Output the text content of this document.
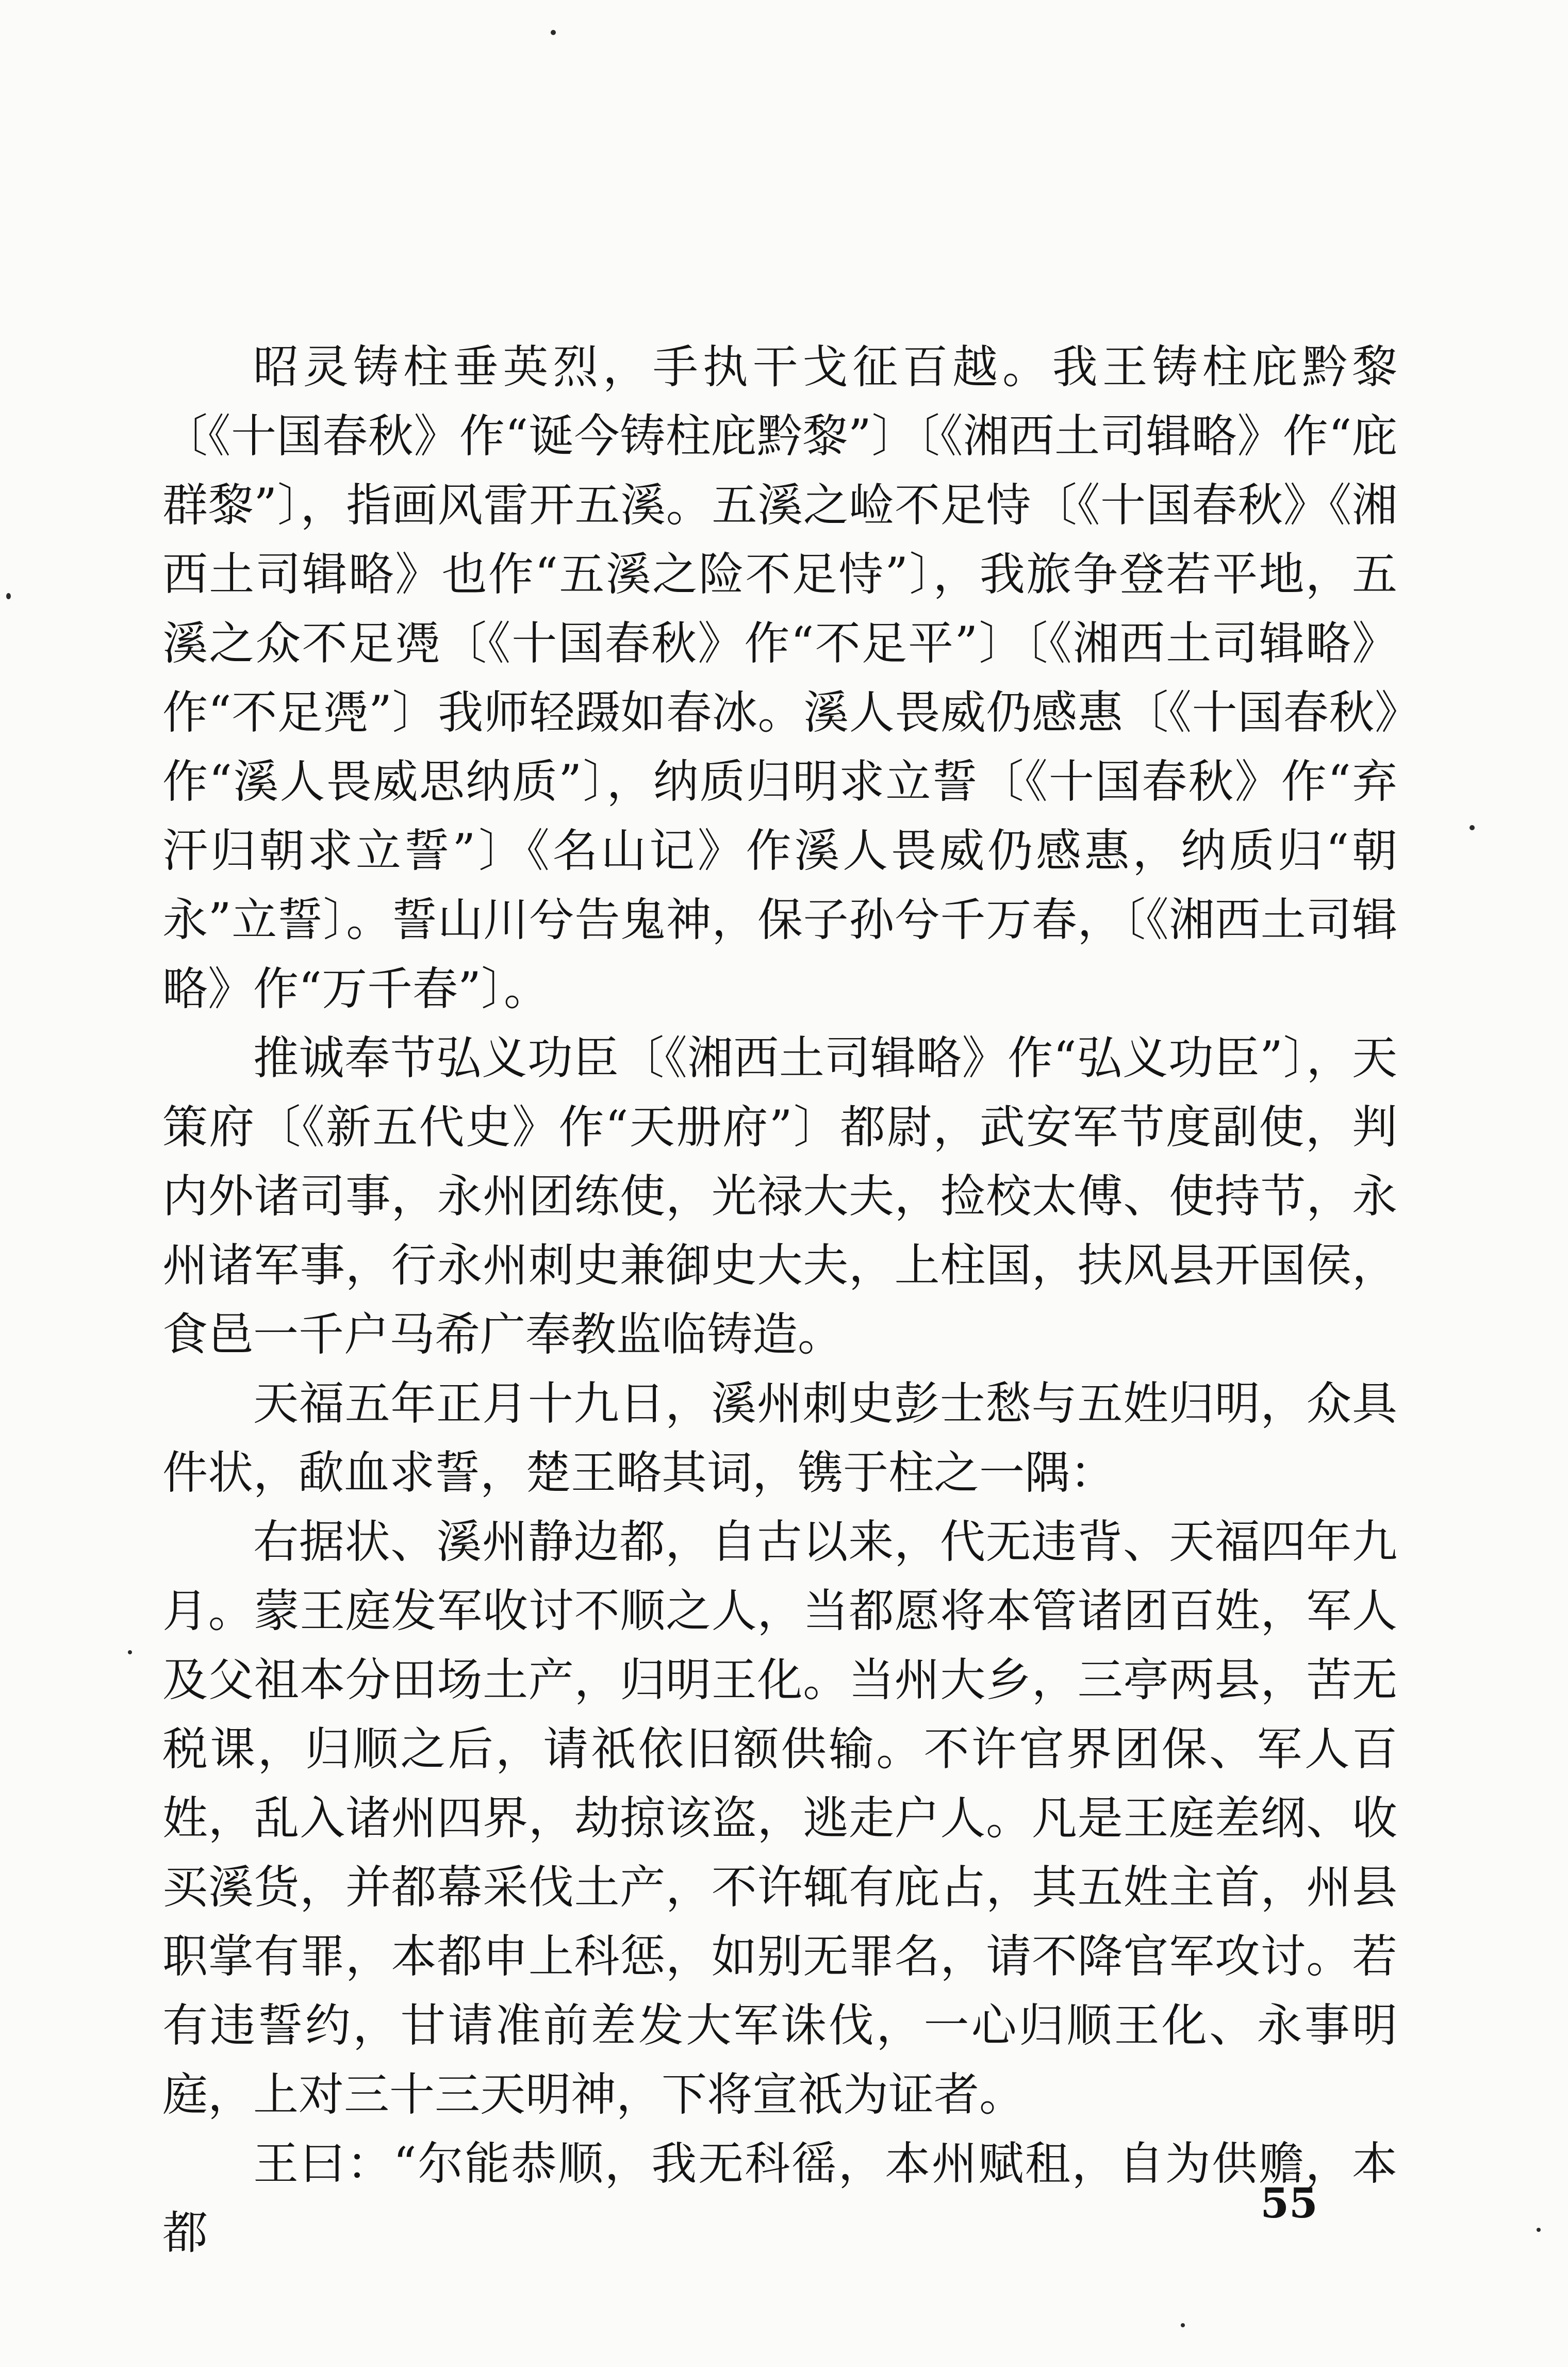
昭灵铸柱垂英烈，手执干戈征百越。我王铸柱庇黔黎〔《十国春秋》作“诞今铸柱庇黔黎”〕〔《湘西土司辑略》作“庇群黎”〕，指画风雷开五溪。五溪之崄不足恃〔《十国春秋》《湘西土司辑略》也作“五溪之险不足恃”〕，我旅争登若平地，五溪之众不足凴〔《十国春秋》作“不足平”〕〔《湘西土司辑略》作“不足凴”〕我师轻蹑如春冰。溪人畏威仍感惠〔《十国春秋》作“溪人畏威思纳质”〕，纳质归明求立誓〔《十国春秋》作“弃汗归朝求立誓”〕《名山记》作溪人畏威仍感惠，纳质归“朝永”立誓〕。誓山川兮告鬼神，保子孙兮千万春，〔《湘西土司辑略》作“万千春”〕。

推诚奉节弘义功臣〔《湘西土司辑略》作“弘义功臣”〕，天策府〔《新五代史》作“天册府”〕都尉，武安军节度副使，判内外诸司事，永州团练使，光禄大夫，捡校太傅、使持节，永州诸军事，行永州刺史兼御史大夫，上柱国，扶风县开国侯，食邑一千户马希广奉教监临铸造。

天福五年正月十九日，溪州刺史彭士愁与五姓归明，众具件状，歃血求誓，楚王略其词，镌于柱之一隅：

右据状、溪州静边都，自古以来，代无违背、天福四年九月。蒙王庭发军收讨不顺之人，当都愿将本管诸团百姓，军人及父祖本分田场土产，归明王化。当州大乡，三亭两县，苦无税课，归顺之后，请祇依旧额供输。不许官界团保、军人百姓，乱入诸州四界，劫掠该盗，逃走户人。凡是王庭差纲、收买溪货，并都幕采伐土产，不许辄有庇占，其五姓主首，州县职掌有罪，本都申上科惩，如别无罪名，请不降官军攻讨。若有违誓约，甘请准前差发大军诛伐，一心归顺王化、永事明庭，上对三十三天明神，下将宣祇为证者。

王曰：“尔能恭顺，我无科徭，本州赋租，自为供赡，本都

55
